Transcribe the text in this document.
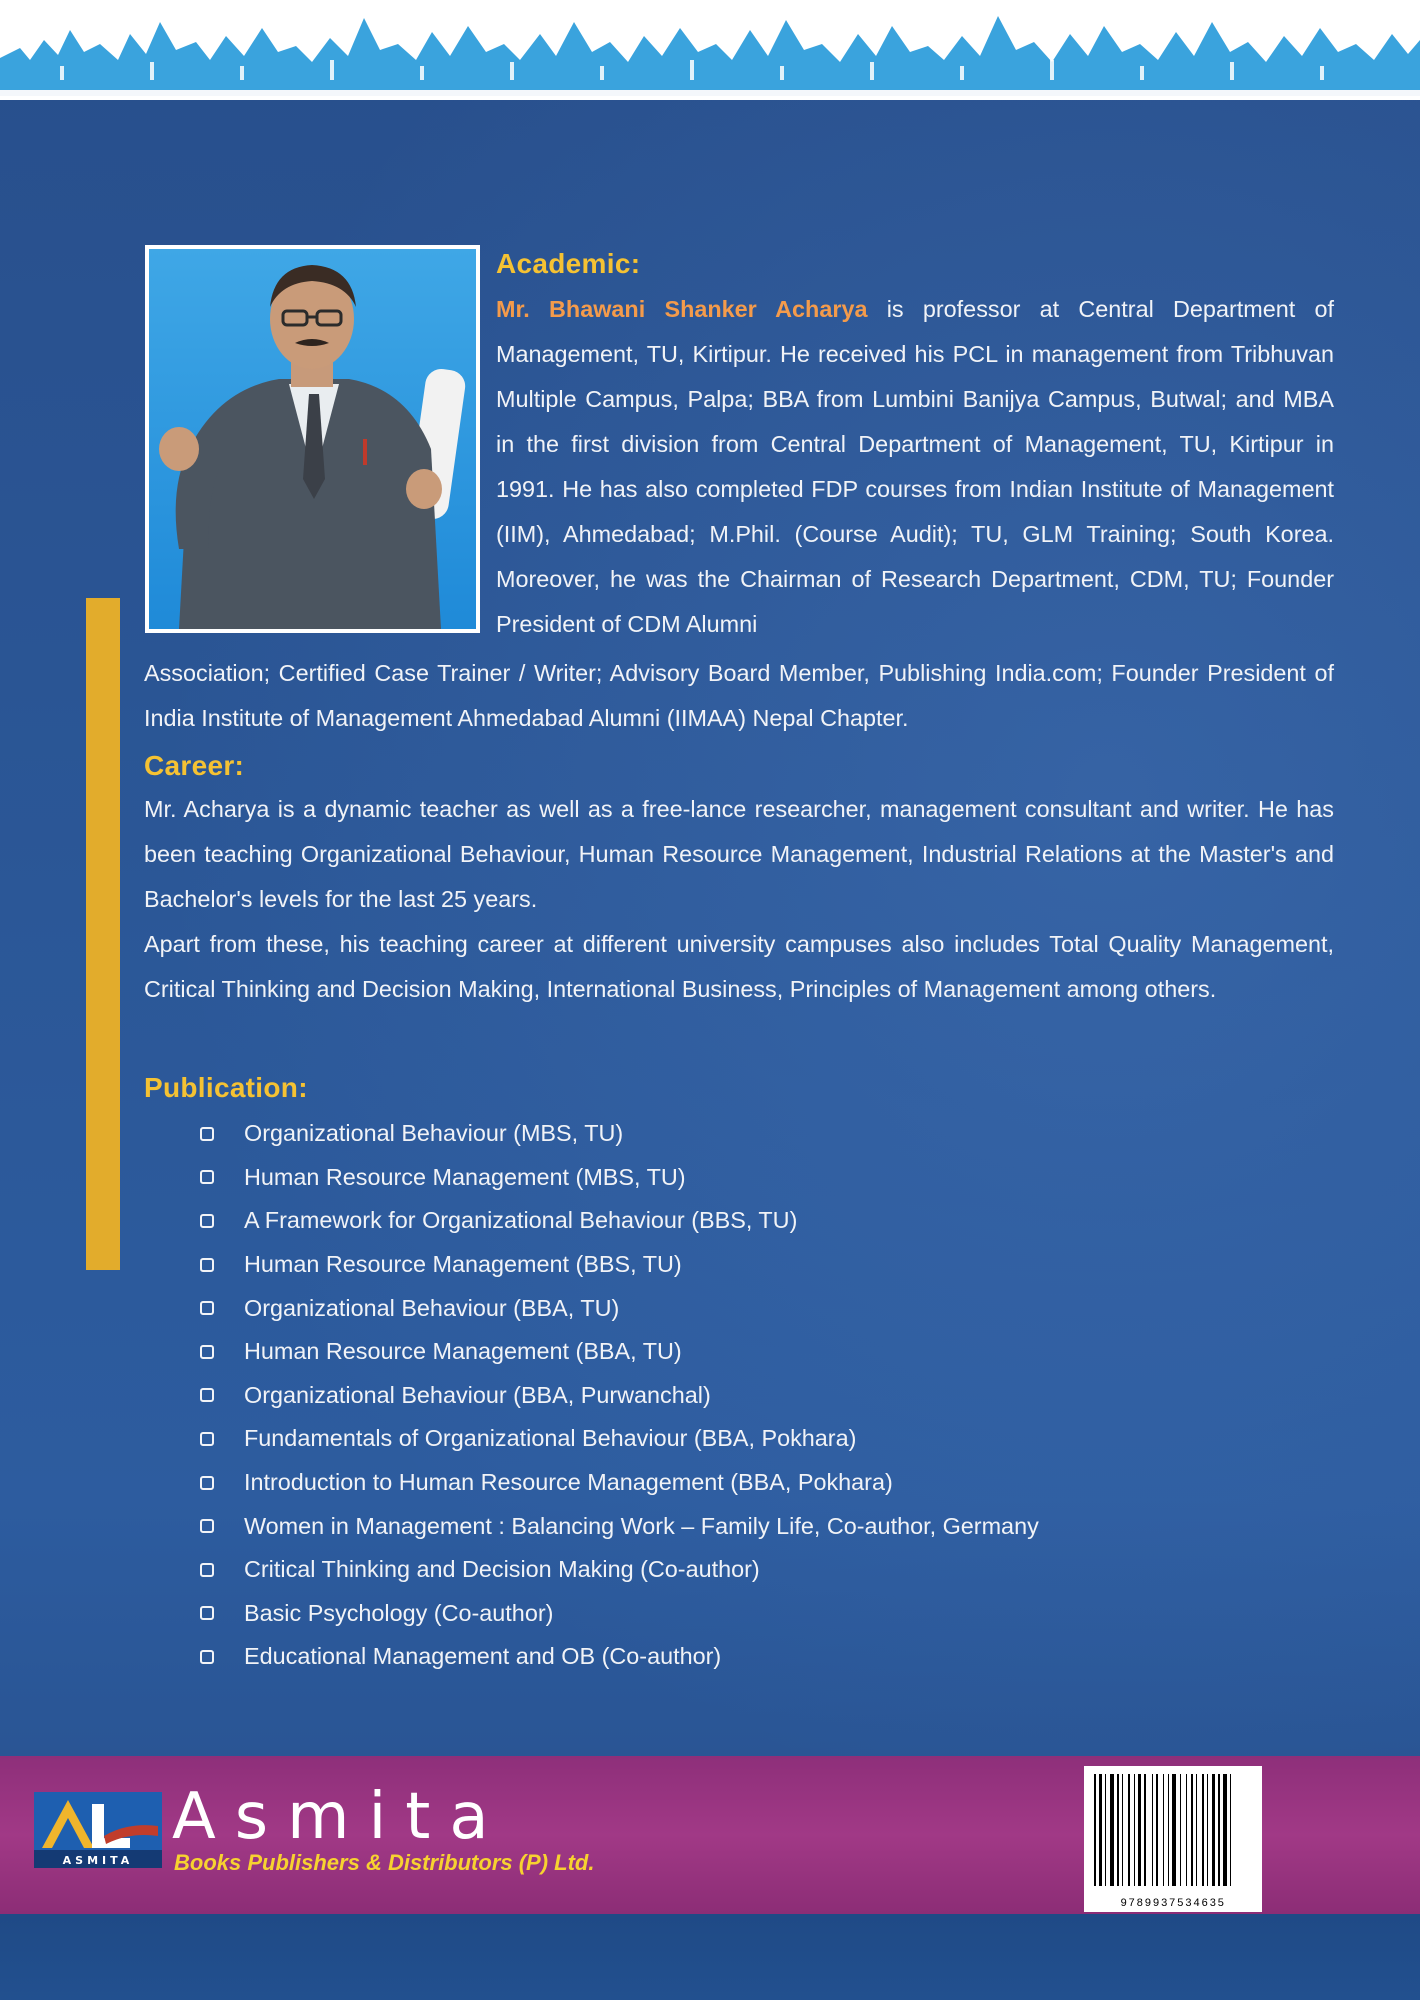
Academic:

Mr. Bhawani Shanker Acharya is professor at Central Department of Management, TU, Kirtipur. He received his PCL in management from Tribhuvan Multiple Campus, Palpa; BBA from Lumbini Banijya Campus, Butwal; and MBA in the first division from Central Department of Management, TU, Kirtipur in 1991. He has also completed FDP courses from Indian Institute of Management (IIM), Ahmedabad; M.Phil. (Course Audit); TU, GLM Training; South Korea. Moreover, he was the Chairman of Research Department, CDM, TU; Founder President of CDM Alumni

Association; Certified Case Trainer / Writer; Advisory Board Member, Publishing India.com; Founder President of India Institute of Management Ahmedabad Alumni (IIMAA) Nepal Chapter.

Career:

Mr. Acharya is a dynamic teacher as well as a free-lance researcher, management consultant and writer. He has been teaching Organizational Behaviour, Human Resource Management, Industrial Relations at the Master's and Bachelor's levels for the last 25 years.

Apart from these, his teaching career at different university campuses also includes Total Quality Management, Critical Thinking and Decision Making, International Business, Principles of Management among others.

Publication:
Organizational Behaviour (MBS, TU)
Human Resource Management (MBS, TU)
A Framework for Organizational Behaviour (BBS, TU)
Human Resource Management (BBS, TU)
Organizational Behaviour (BBA, TU)
Human Resource Management (BBA, TU)
Organizational Behaviour (BBA, Purwanchal)
Fundamentals of Organizational Behaviour (BBA, Pokhara)
Introduction to Human Resource Management (BBA, Pokhara)
Women in Management : Balancing Work – Family Life, Co-author, Germany
Critical Thinking and Decision Making (Co-author)
Basic Psychology (Co-author)
Educational Management and OB (Co-author)
ASMITA
Asmita
Books Publishers & Distributors (P) Ltd.
9789937534635
